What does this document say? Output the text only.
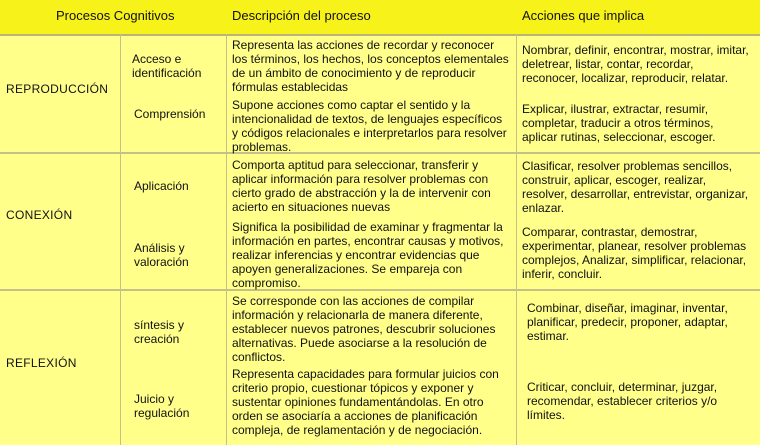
Procesos Cognitivos	Descripción del proceso	Acciones que implica
REPRODUCCIÓN
Acceso e
identificación
Representa las acciones de recordar y reconocer
los términos, los hechos, los conceptos elementales
de un ámbito de conocimiento y de reproducir
fórmulas establecidas
Nombrar, definir, encontrar, mostrar, imitar,
deletrear, listar, contar, recordar,
reconocer, localizar, reproducir, relatar.
Comprensión
Supone acciones como captar el sentido y la
intencionalidad de textos, de lenguajes específicos
y códigos relacionales e interpretarlos para resolver
problemas.
Explicar, ilustrar, extractar, resumir,
completar, traducir a otros términos,
aplicar rutinas, seleccionar, escoger.
CONEXIÓN
Aplicación
Comporta aptitud para seleccionar, transferir y
aplicar información para resolver problemas con
cierto grado de abstracción y la de intervenir con
acierto en situaciones nuevas
Clasificar, resolver problemas sencillos,
construir, aplicar, escoger, realizar,
resolver, desarrollar, entrevistar, organizar,
enlazar.
Análisis y
valoración
Significa la posibilidad de examinar y fragmentar la
información en partes, encontrar causas y motivos,
realizar inferencias y encontrar evidencias que
apoyen generalizaciones. Se empareja con
compromiso.
Comparar, contrastar, demostrar,
experimentar, planear, resolver problemas
complejos, Analizar, simplificar, relacionar,
inferir, concluir.
REFLEXIÓN
síntesis y
creación
Se corresponde con las acciones de compilar
información y relacionarla de manera diferente,
establecer nuevos patrones, descubrir soluciones
alternativas. Puede asociarse a la resolución de
conflictos.
Combinar, diseñar, imaginar, inventar,
planificar, predecir, proponer, adaptar,
estimar.
Juicio y
regulación
Representa capacidades para formular juicios con
criterio propio, cuestionar tópicos y exponer y
sustentar opiniones fundamentándolas. En otro
orden se asociaría a acciones de planificación
compleja, de reglamentación y de negociación.
Criticar, concluir, determinar, juzgar,
recomendar, establecer criterios y/o
límites.
